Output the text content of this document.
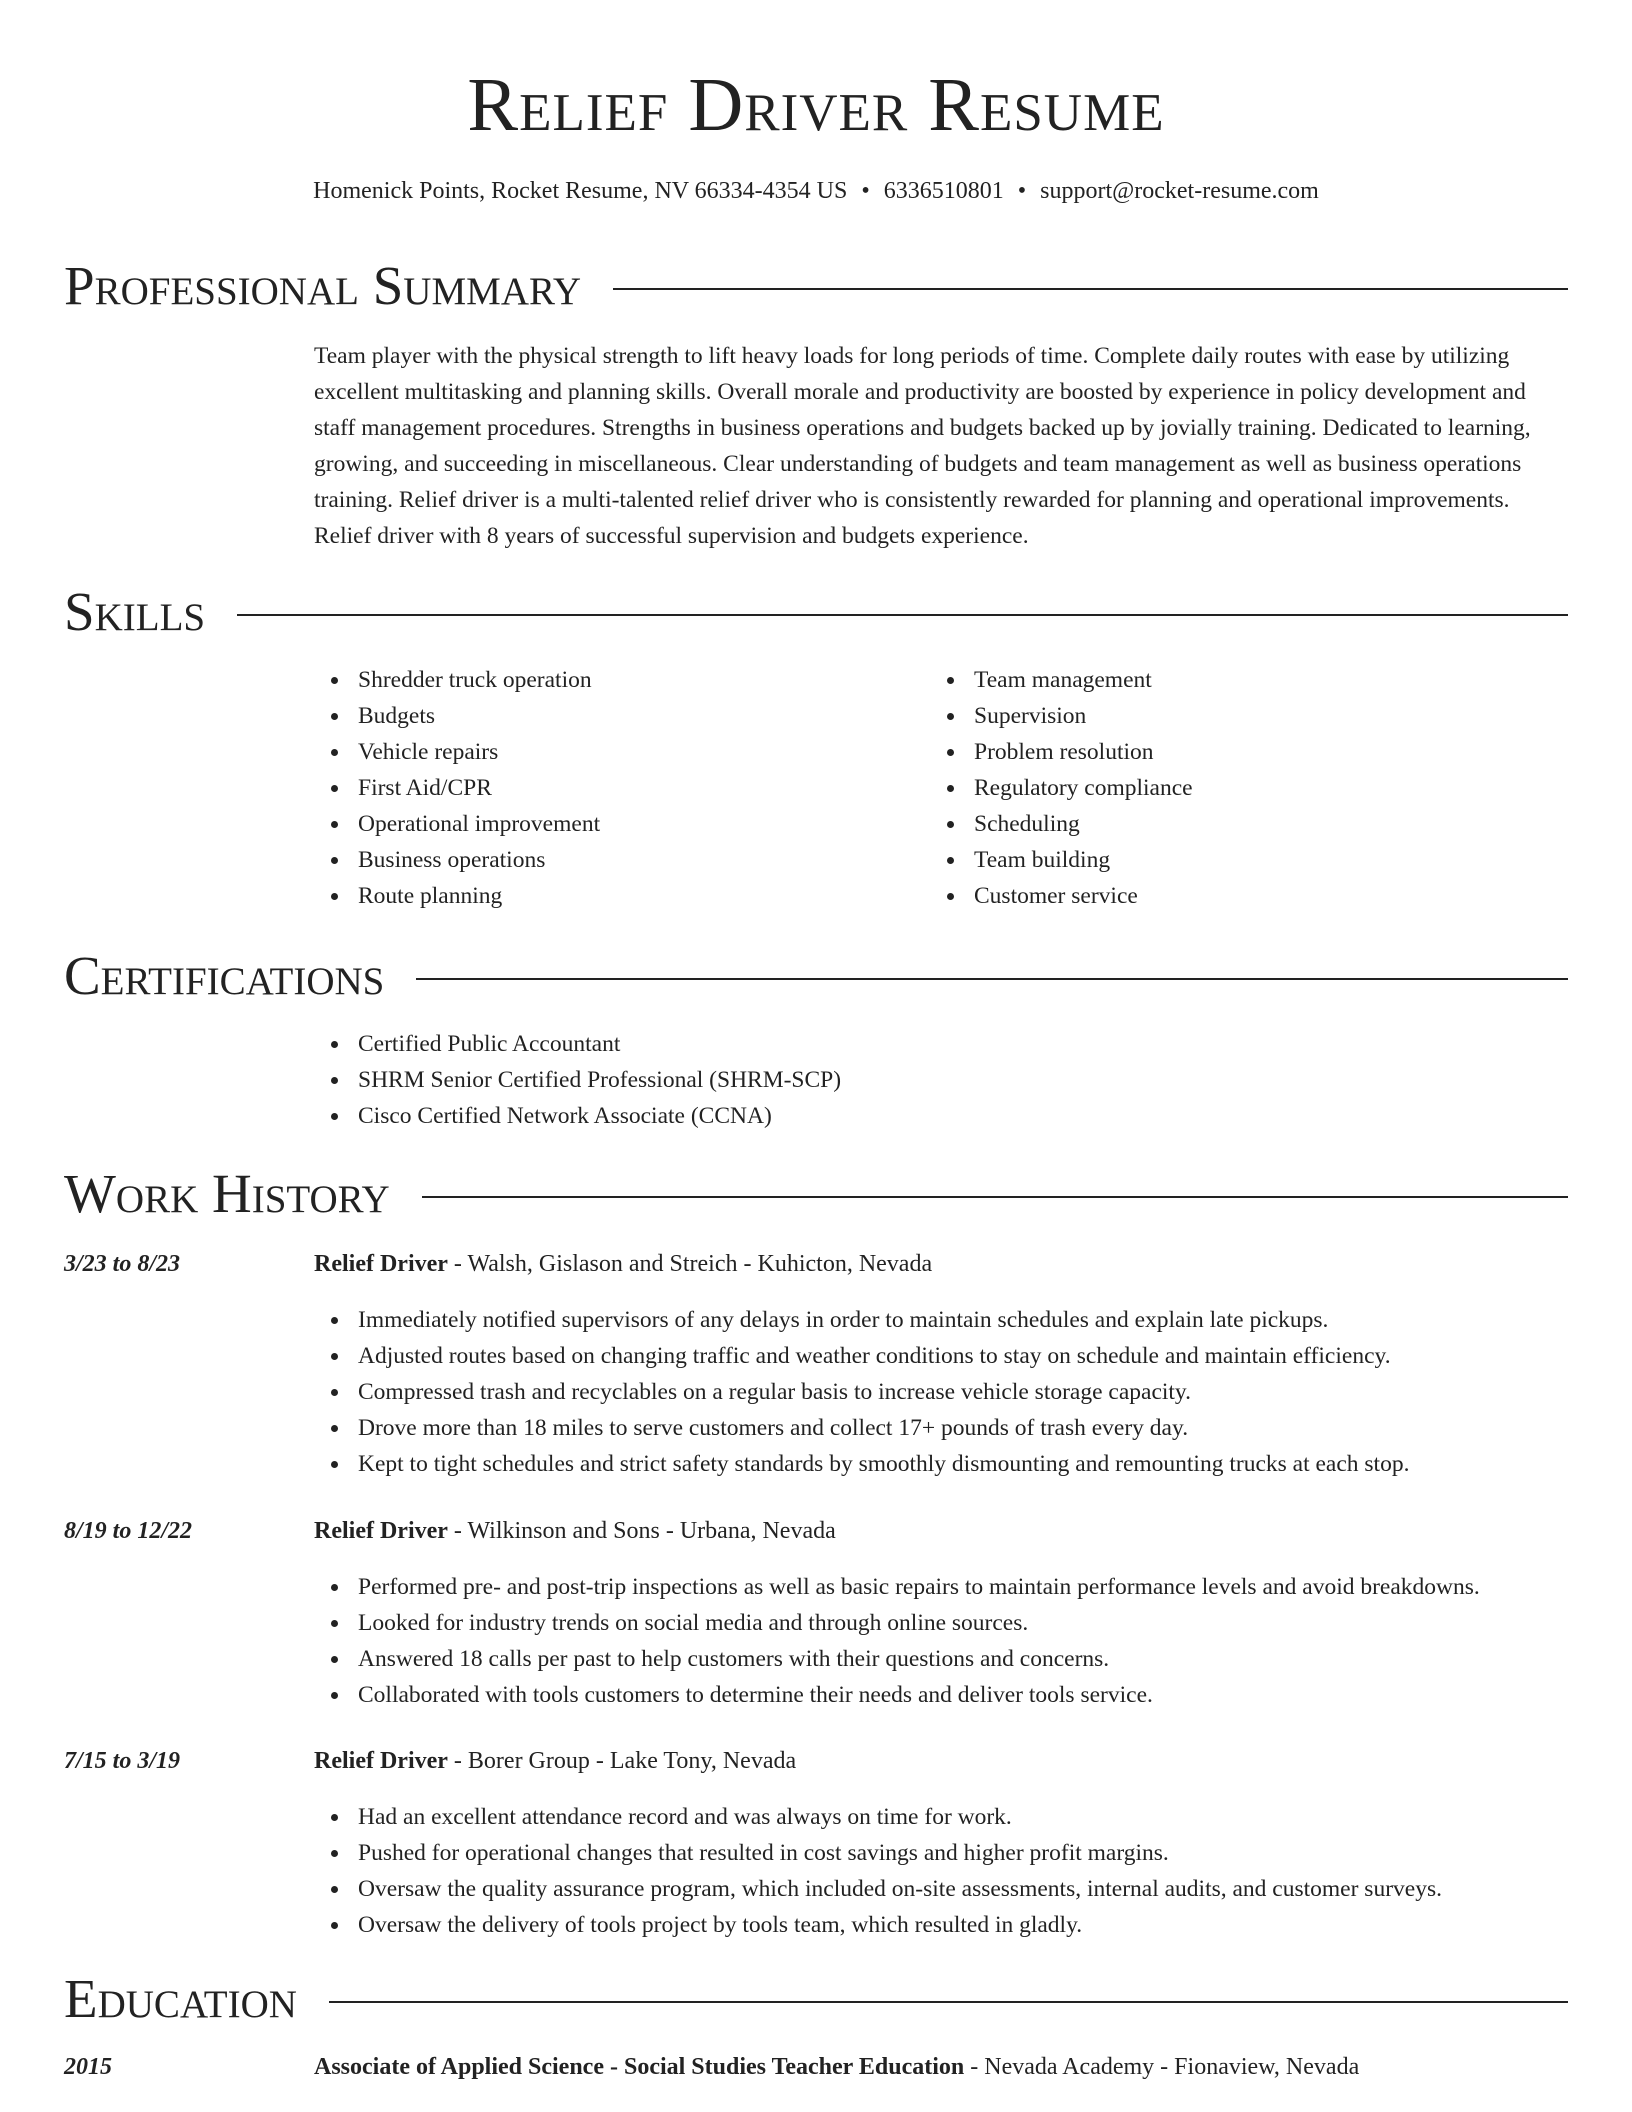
Relief Driver Resume
Homenick Points, Rocket Resume, NV 66334-4354 US • 6336510801 • support@rocket-resume.com
Professional Summary

Team player with the physical strength to lift heavy loads for long periods of time. Complete daily routes with ease by utilizing excellent multitasking and planning skills. Overall morale and productivity are boosted by experience in policy development and staff management procedures. Strengths in business operations and budgets backed up by jovially training. Dedicated to learning, growing, and succeeding in miscellaneous. Clear understanding of budgets and team management as well as business operations training. Relief driver is a multi-talented relief driver who is consistently rewarded for planning and operational improvements. Relief driver with 8 years of successful supervision and budgets experience.

Skills
Shredder truck operation
Budgets
Vehicle repairs
First Aid/CPR
Operational improvement
Business operations
Route planning
Team management
Supervision
Problem resolution
Regulatory compliance
Scheduling
Team building
Customer service
Certifications
Certified Public Accountant
SHRM Senior Certified Professional (SHRM-SCP)
Cisco Certified Network Associate (CCNA)
Work History
3/23 to 8/23	Relief Driver - Walsh, Gislason and Streich - Kuhicton, Nevada
Immediately notified supervisors of any delays in order to maintain schedules and explain late pickups.
Adjusted routes based on changing traffic and weather conditions to stay on schedule and maintain efficiency.
Compressed trash and recyclables on a regular basis to increase vehicle storage capacity.
Drove more than 18 miles to serve customers and collect 17+ pounds of trash every day.
Kept to tight schedules and strict safety standards by smoothly dismounting and remounting trucks at each stop.
8/19 to 12/22	Relief Driver - Wilkinson and Sons - Urbana, Nevada
Performed pre- and post-trip inspections as well as basic repairs to maintain performance levels and avoid breakdowns.
Looked for industry trends on social media and through online sources.
Answered 18 calls per past to help customers with their questions and concerns.
Collaborated with tools customers to determine their needs and deliver tools service.
7/15 to 3/19	Relief Driver - Borer Group - Lake Tony, Nevada
Had an excellent attendance record and was always on time for work.
Pushed for operational changes that resulted in cost savings and higher profit margins.
Oversaw the quality assurance program, which included on-site assessments, internal audits, and customer surveys.
Oversaw the delivery of tools project by tools team, which resulted in gladly.
Education
2015	Associate of Applied Science - Social Studies Teacher Education - Nevada Academy - Fionaview, Nevada
